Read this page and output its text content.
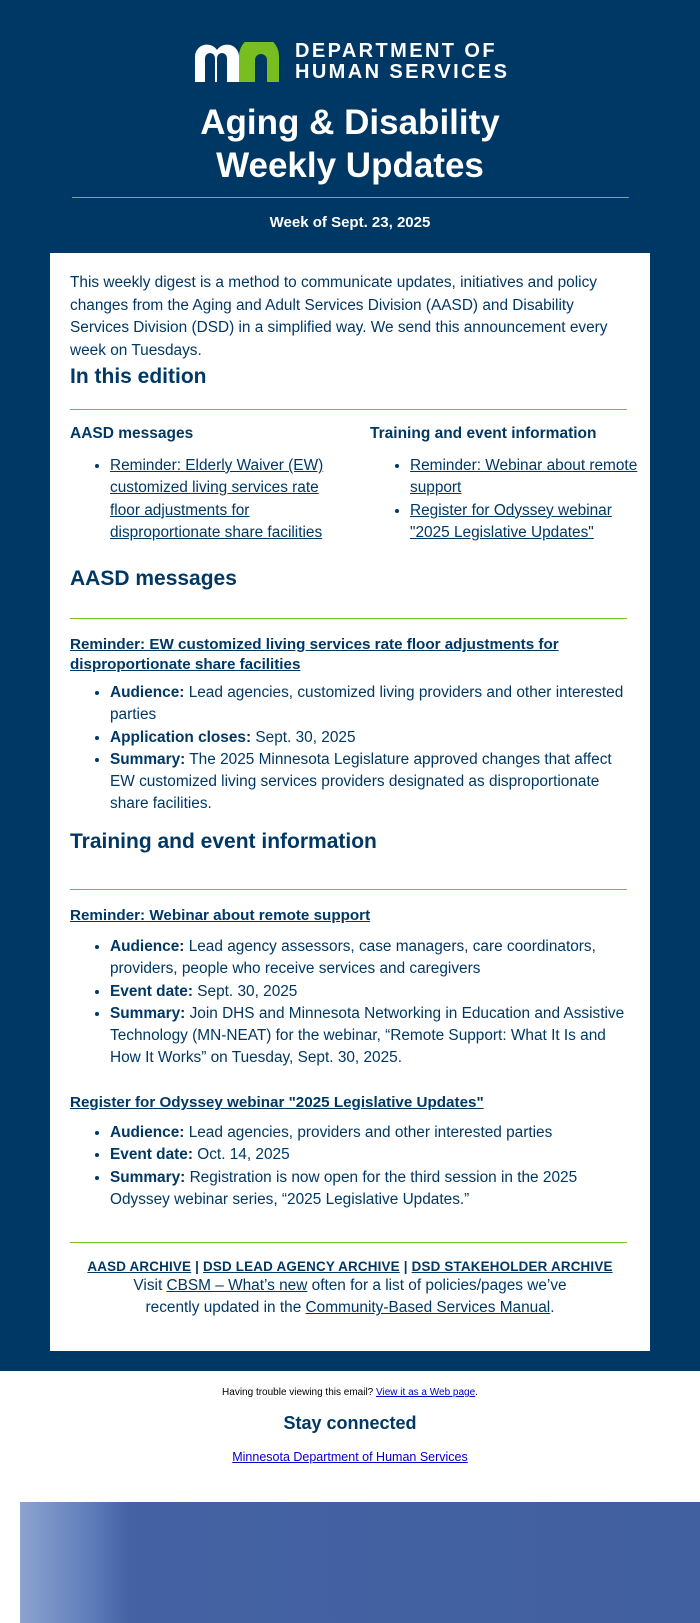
DEPARTMENT OF
HUMAN SERVICES
Aging & Disability
Weekly Updates
Week of Sept. 23, 2025

This weekly digest is a method to communicate updates, initiatives and policy changes from the Aging and Adult Services Division (AASD) and Disability Services Division (DSD) in a simplified way. We send this announcement every week on Tuesdays.

In this edition
AASD messages
• Reminder: Elderly Waiver (EW) customized living services rate floor adjustments for disproportionate share facilities
Training and event information
• Reminder: Webinar about remote support
• Register for Odyssey webinar "2025 Legislative Updates"
AASD messages
Reminder: EW customized living services rate floor adjustments for disproportionate share facilities
• Audience: Lead agencies, customized living providers and other interested parties
• Application closes: Sept. 30, 2025
• Summary: The 2025 Minnesota Legislature approved changes that affect EW customized living services providers designated as disproportionate share facilities.
Training and event information
Reminder: Webinar about remote support
• Audience: Lead agency assessors, case managers, care coordinators, providers, people who receive services and caregivers
• Event date: Sept. 30, 2025
• Summary: Join DHS and Minnesota Networking in Education and Assistive Technology (MN-NEAT) for the webinar, “Remote Support: What It Is and How It Works” on Tuesday, Sept. 30, 2025.
Register for Odyssey webinar "2025 Legislative Updates"
• Audience: Lead agencies, providers and other interested parties
• Event date: Oct. 14, 2025
• Summary: Registration is now open for the third session in the 2025 Odyssey webinar series, “2025 Legislative Updates.”
AASD ARCHIVE | DSD LEAD AGENCY ARCHIVE | DSD STAKEHOLDER ARCHIVE

Visit CBSM – What’s new often for a list of policies/pages we’ve recently updated in the Community-Based Services Manual.

Having trouble viewing this email? View it as a Web page.
Stay connected
Minnesota Department of Human Services
